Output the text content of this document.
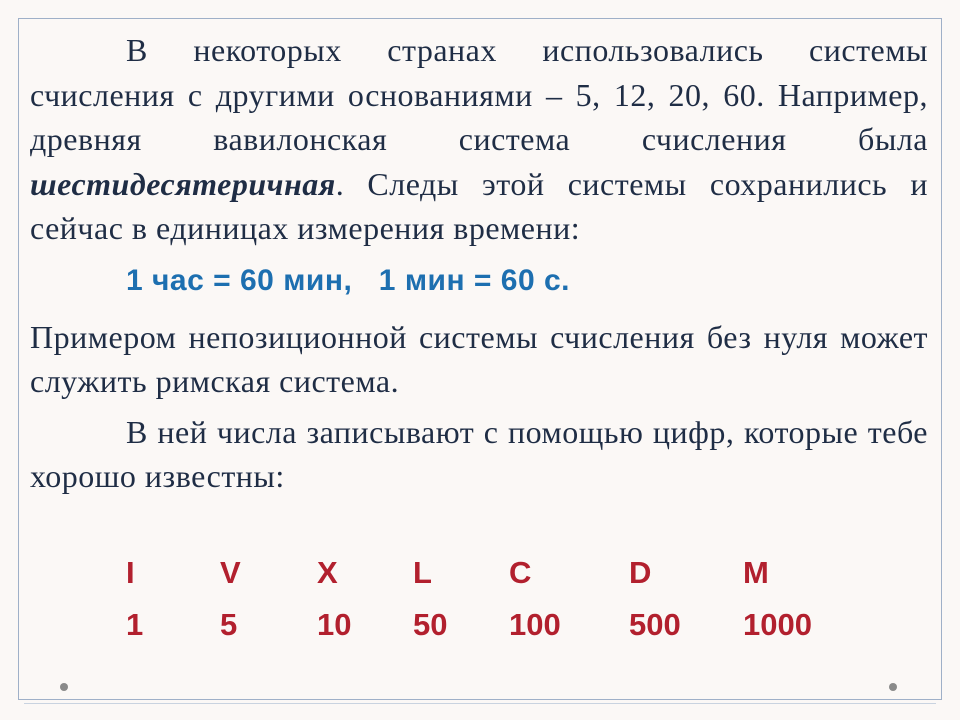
В некоторых странах использовались системы счисления с другими основаниями – 5, 12, 20, 60. Например, древняя вавилонская система счисления была шестидесятеричная. Следы этой системы сохранились и сейчас в единицах измерения времени:

1 час = 60 мин,   1 мин = 60 с.

Примером непозиционной системы счисления без нуля может служить римская система.

В ней числа записывают с помощью цифр, которые тебе хорошо известны:

I	V X L C	D	M
1 5	10 50 100 500 1000
